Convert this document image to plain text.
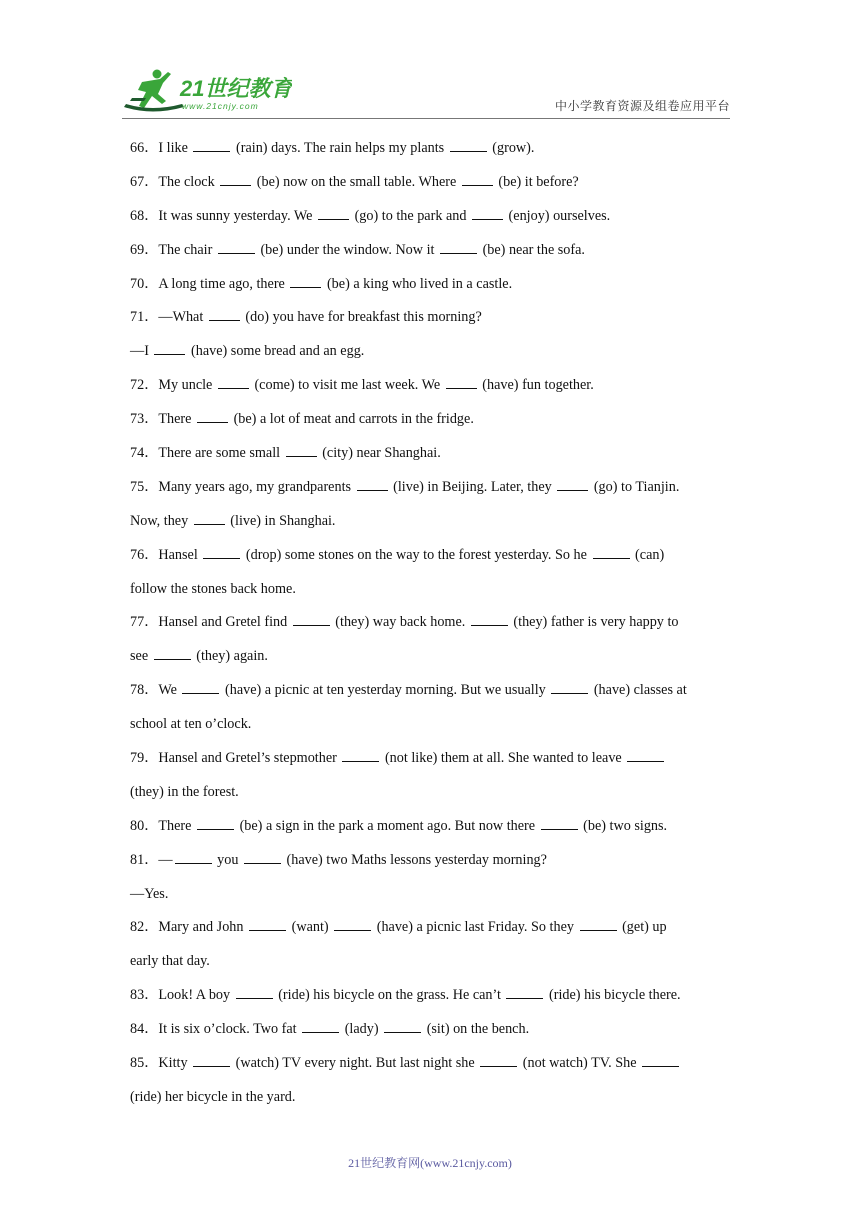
21世纪教育
www.21cnjy.com	中小学教育资源及组卷应用平台
66．I like	(rain) days. The rain helps my plants	(grow).
67．The clock  (be) now on the small table. Where  (be) it before?
68．It was sunny yesterday. We  (go) to the park and  (enjoy) ourselves.
69．The chair	(be) under the window. Now it	(be) near the sofa.
70．A long time ago, there  (be) a king who lived in a castle.
71．—What  (do) you have for breakfast this morning?
—I  (have) some bread and an egg.
72．My uncle  (come) to visit me last week. We  (have) fun together.
73．There  (be) a lot of meat and carrots in the fridge.
74．There are some small  (city) near Shanghai.
75．Many years ago, my grandparents  (live) in Beijing. Later, they  (go) to Tianjin.
Now, they  (live) in Shanghai.
76．Hansel	(drop) some stones on the way to the forest yesterday. So he	(can)
follow the stones back home.
77．Hansel and Gretel find	(they) way back home.	(they) father is very happy to
see	(they) again.
78．We	(have) a picnic at ten yesterday morning. But we usually	(have) classes at
school at ten o’clock.
79．Hansel and Gretel’s stepmother	(not like) them at all. She wanted to leave
(they) in the forest.
80．There	(be) a sign in the park a moment ago. But now there	(be) two signs.
81．—	you	(have) two Maths lessons yesterday morning?
—Yes.
82．Mary and John	(want)	(have) a picnic last Friday. So they	(get) up
early that day.
83．Look! A boy	(ride) his bicycle on the grass. He can’t	(ride) his bicycle there.
84．It is six o’clock. Two fat	(lady)	(sit) on the bench.
85．Kitty	(watch) TV every night. But last night she	(not watch) TV. She
(ride) her bicycle in the yard.
21世纪教育网(www.21cnjy.com)
